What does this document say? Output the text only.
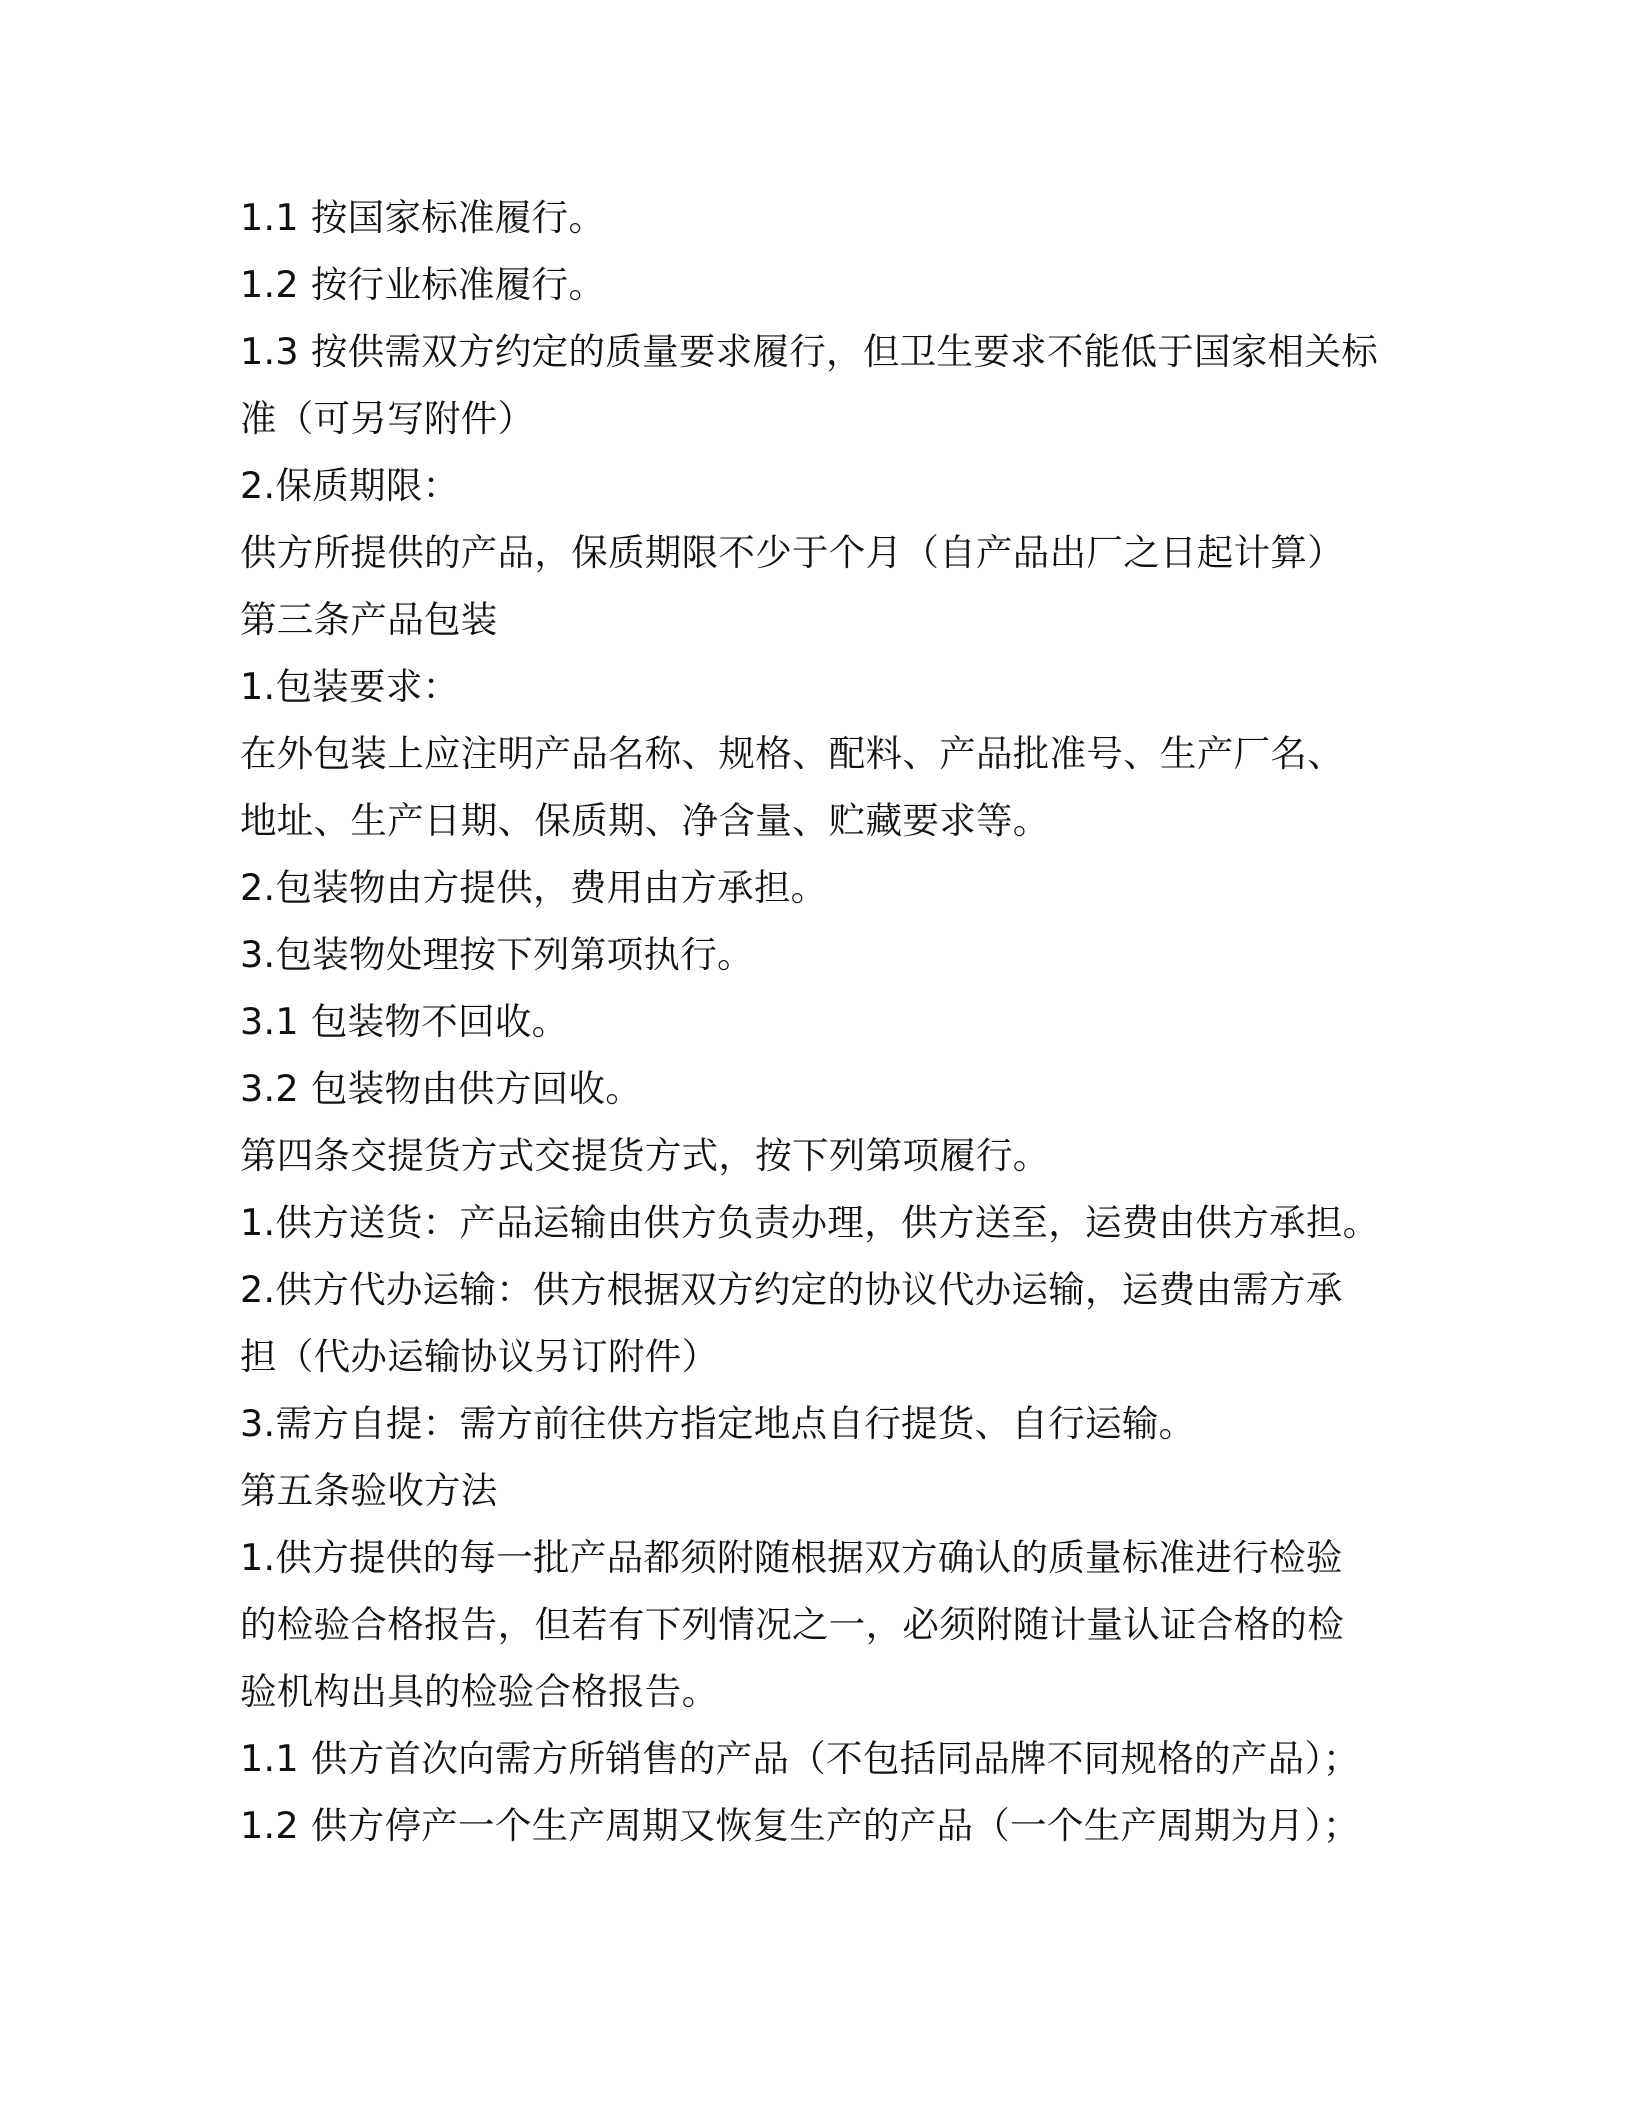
1.1 按国家标准履行。
1.2 按行业标准履行。
1.3 按供需双方约定的质量要求履行，但卫生要求不能低于国家相关标
准（可另写附件）
2.保质期限：
供方所提供的产品，保质期限不少于个月（自产品出厂之日起计算）
第三条产品包装
1.包装要求：
在外包装上应注明产品名称、规格、配料、产品批准号、生产厂名、
地址、生产日期、保质期、净含量、贮藏要求等。
2.包装物由方提供，费用由方承担。
3.包装物处理按下列第项执行。
3.1 包装物不回收。
3.2 包装物由供方回收。
第四条交提货方式交提货方式，按下列第项履行。
1.供方送货：产品运输由供方负责办理，供方送至，运费由供方承担。
2.供方代办运输：供方根据双方约定的协议代办运输，运费由需方承
担（代办运输协议另订附件）
3.需方自提：需方前往供方指定地点自行提货、自行运输。
第五条验收方法
1.供方提供的每一批产品都须附随根据双方确认的质量标准进行检验
的检验合格报告，但若有下列情况之一，必须附随计量认证合格的检
验机构出具的检验合格报告。
1.1 供方首次向需方所销售的产品（不包括同品牌不同规格的产品）；
1.2 供方停产一个生产周期又恢复生产的产品（一个生产周期为月）；
